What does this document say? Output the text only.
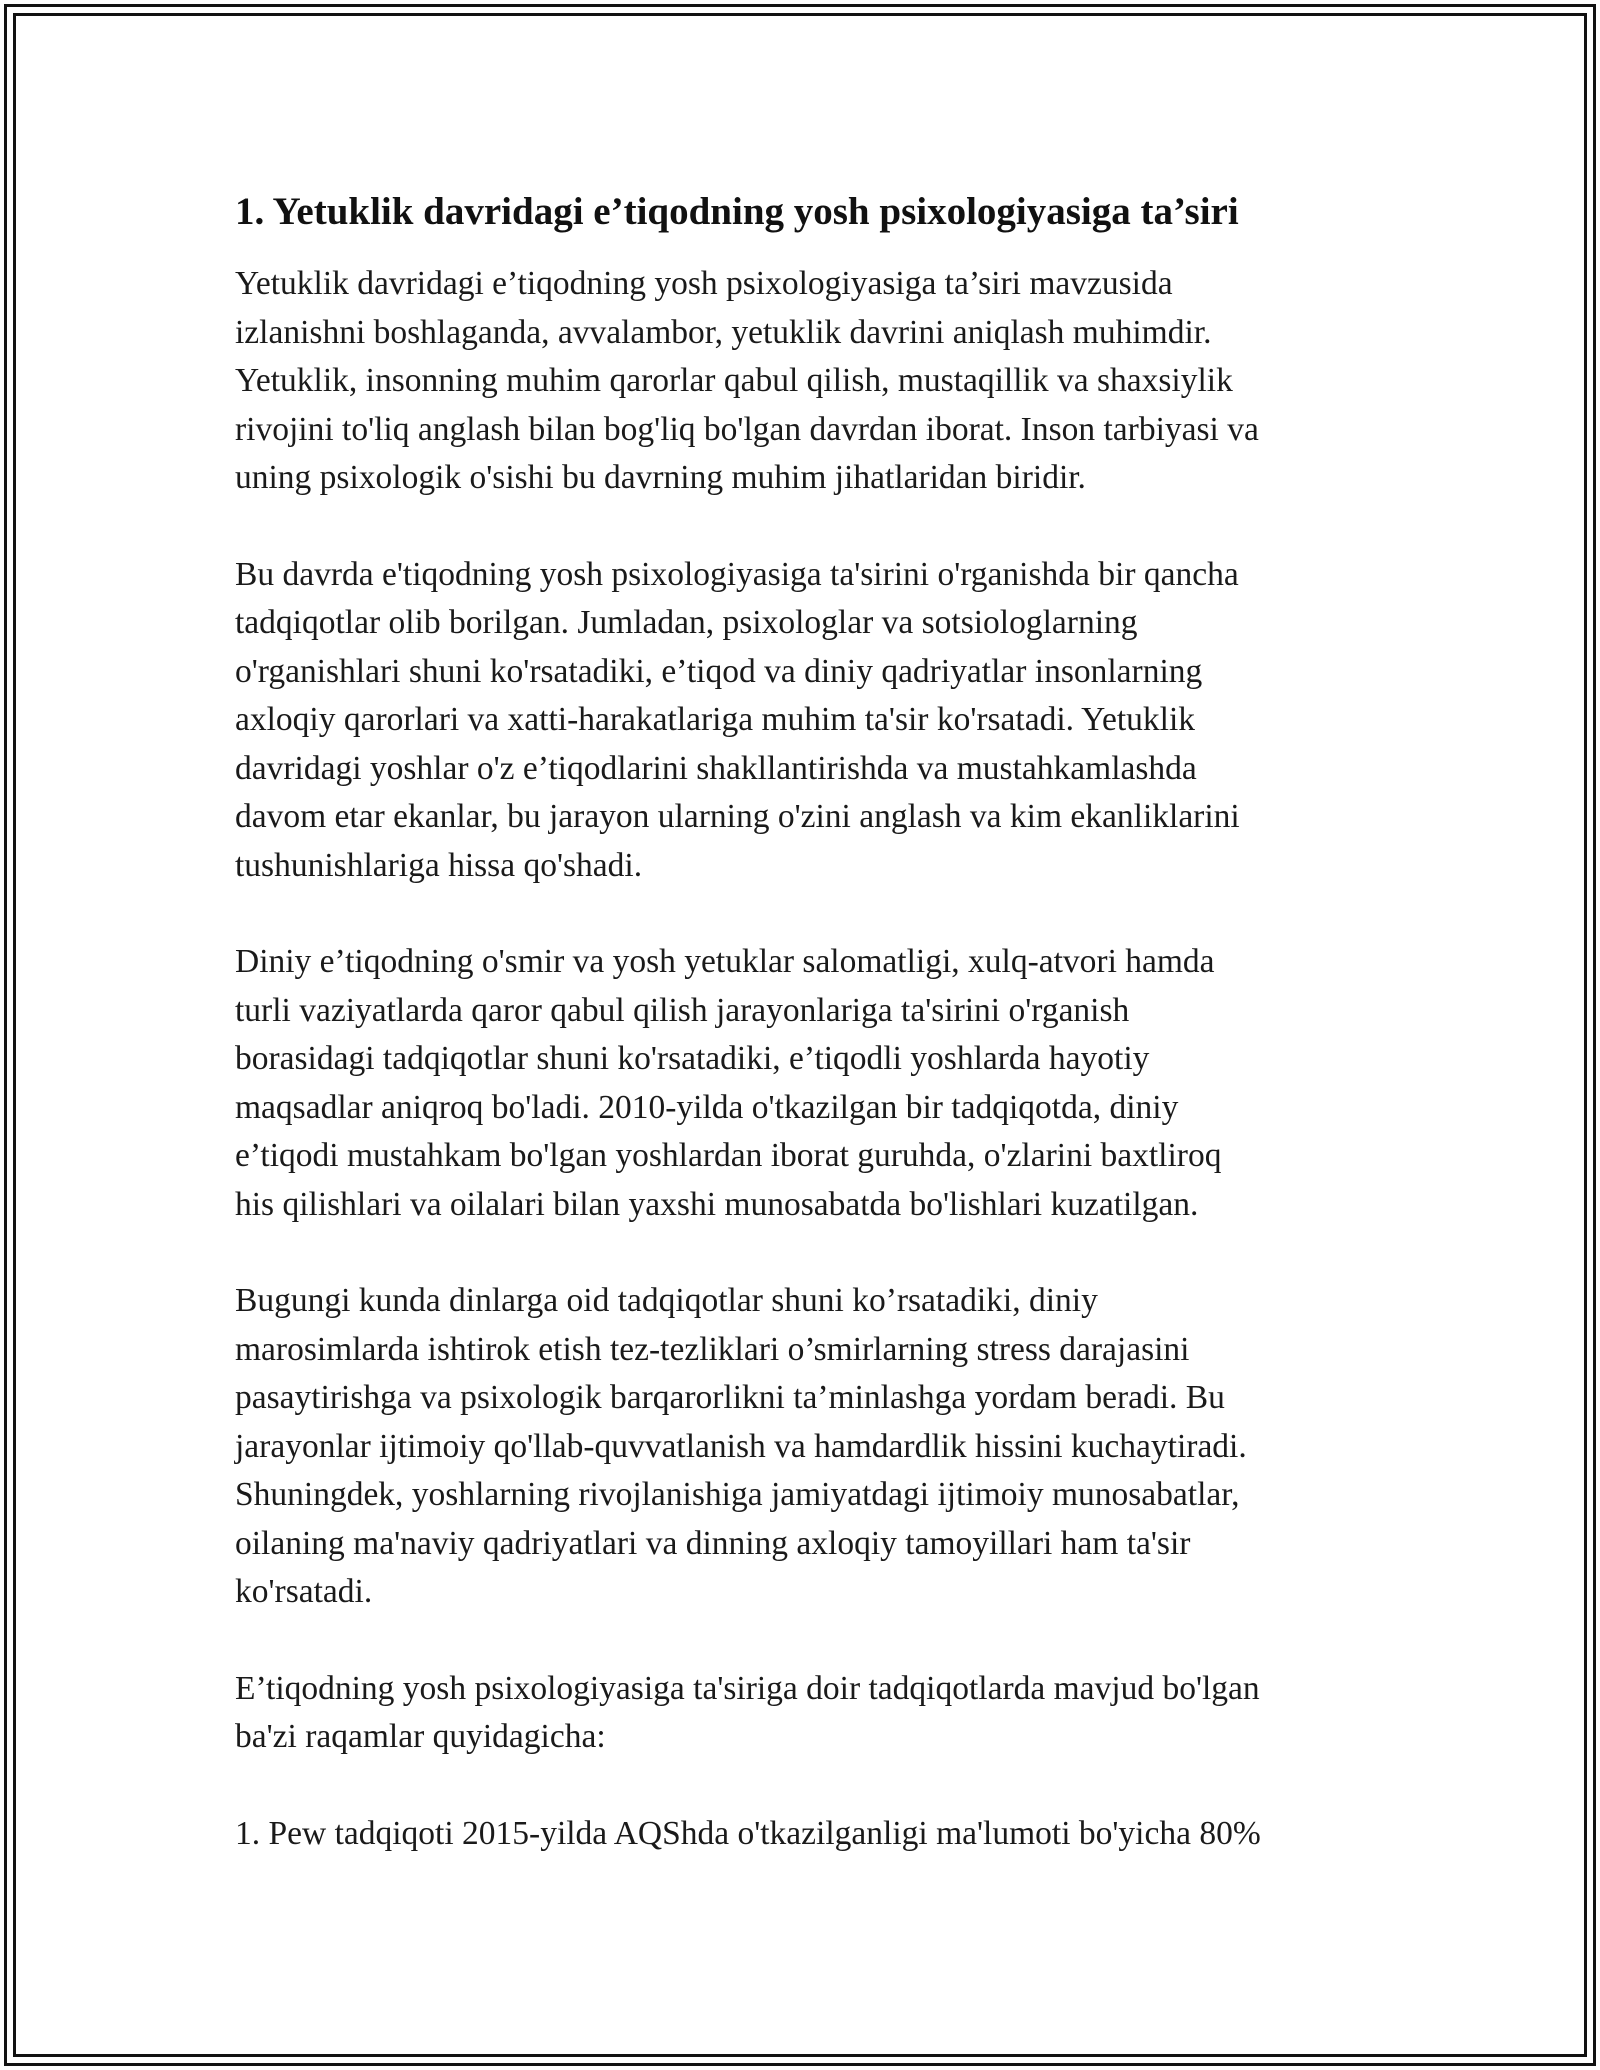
1. Yetuklik davridagi e’tiqodning yosh psixologiyasiga ta’siri

Yetuklik davridagi e’tiqodning yosh psixologiyasiga ta’siri mavzusida
izlanishni boshlaganda, avvalambor, yetuklik davrini aniqlash muhimdir.
Yetuklik, insonning muhim qarorlar qabul qilish, mustaqillik va shaxsiylik
rivojini to'liq anglash bilan bog'liq bo'lgan davrdan iborat. Inson tarbiyasi va
uning psixologik o'sishi bu davrning muhim jihatlaridan biridir.

Bu davrda e'tiqodning yosh psixologiyasiga ta'sirini o'rganishda bir qancha
tadqiqotlar olib borilgan. Jumladan, psixologlar va sotsiologlarning
o'rganishlari shuni ko'rsatadiki, e’tiqod va diniy qadriyatlar insonlarning
axloqiy qarorlari va xatti-harakatlariga muhim ta'sir ko'rsatadi. Yetuklik
davridagi yoshlar o'z e’tiqodlarini shakllantirishda va mustahkamlashda
davom etar ekanlar, bu jarayon ularning o'zini anglash va kim ekanliklarini
tushunishlariga hissa qo'shadi.

Diniy e’tiqodning o'smir va yosh yetuklar salomatligi, xulq-atvori hamda
turli vaziyatlarda qaror qabul qilish jarayonlariga ta'sirini o'rganish
borasidagi tadqiqotlar shuni ko'rsatadiki, e’tiqodli yoshlarda hayotiy
maqsadlar aniqroq bo'ladi. 2010-yilda o'tkazilgan bir tadqiqotda, diniy
e’tiqodi mustahkam bo'lgan yoshlardan iborat guruhda, o'zlarini baxtliroq
his qilishlari va oilalari bilan yaxshi munosabatda bo'lishlari kuzatilgan.

Bugungi kunda dinlarga oid tadqiqotlar shuni ko’rsatadiki, diniy
marosimlarda ishtirok etish tez-tezliklari o’smirlarning stress darajasini
pasaytirishga va psixologik barqarorlikni ta’minlashga yordam beradi. Bu
jarayonlar ijtimoiy qo'llab-quvvatlanish va hamdardlik hissini kuchaytiradi.
Shuningdek, yoshlarning rivojlanishiga jamiyatdagi ijtimoiy munosabatlar,
oilaning ma'naviy qadriyatlari va dinning axloqiy tamoyillari ham ta'sir
ko'rsatadi.

E’tiqodning yosh psixologiyasiga ta'siriga doir tadqiqotlarda mavjud bo'lgan
ba'zi raqamlar quyidagicha:

1. Pew tadqiqoti 2015-yilda AQShda o'tkazilganligi ma'lumoti bo'yicha 80%
